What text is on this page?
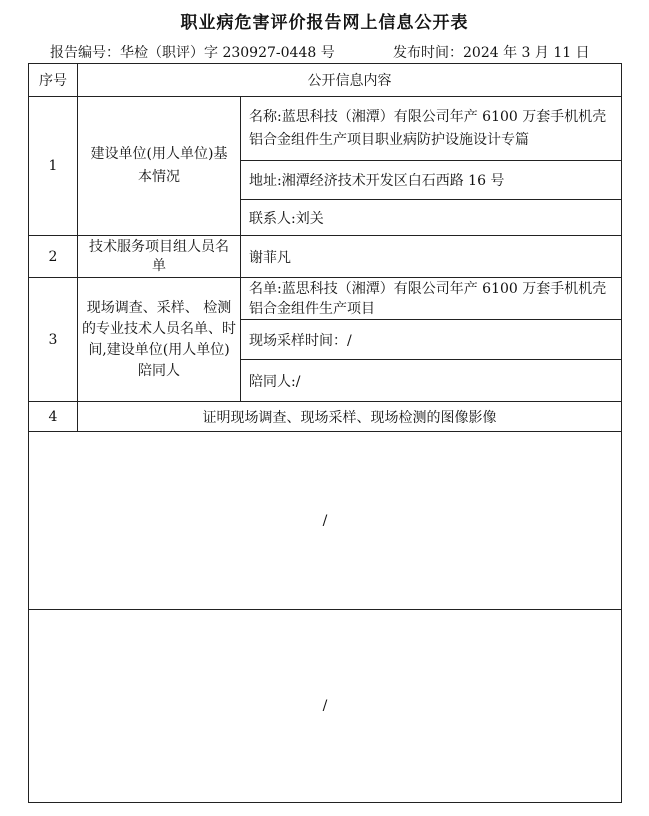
职业病危害评价报告网上信息公开表
报告编号：华检（职评）字 230927-0448 号	发布时间：2024 年 3 月 11 日
序号	公开信息内容	
1	建设单位(用人单位)基本情况	名称:蓝思科技（湘潭）有限公司年产 6100 万套手机机壳铝合金组件生产项目职业病防护设施设计专篇
		地址:湘潭经济技术开发区白石西路 16 号
		联系人:刘关
2	技术服务项目组人员名单	谢菲凡
3	现场调查、采样、 检测的专业技术人员名单、时间,建设单位(用人单位)陪同人	名单:蓝思科技（湘潭）有限公司年产 6100 万套手机机壳铝合金组件生产项目
		现场采样时间：/
		陪同人:/
4	证明现场调查、现场采样、现场检测的图像影像	
/		
/		
